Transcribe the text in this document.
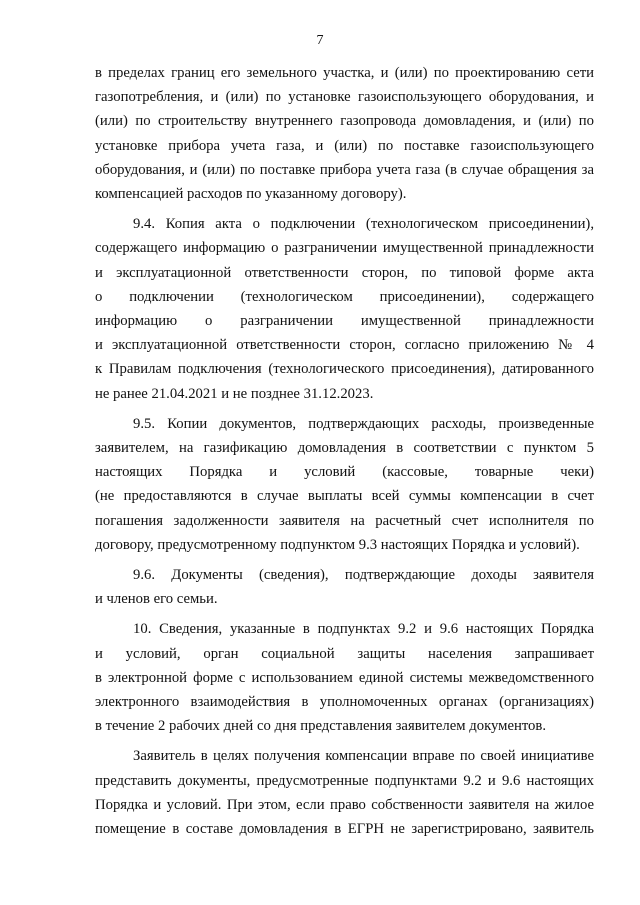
7
в пределах границ его земельного участка, и (или) по проектированию сети
газопотребления, и (или) по установке газоиспользующего оборудования, и
(или) по строительству внутреннего газопровода домовладения, и (или) по
установке прибора учета газа, и (или) по поставке газоиспользующего
оборудования, и (или) по поставке прибора учета газа (в случае обращения за
компенсацией расходов по указанному договору).
9.4. Копия акта о подключении (технологическом присоединении),
содержащего информацию о разграничении имущественной принадлежности
и эксплуатационной ответственности сторон, по типовой форме акта
о подключении (технологическом присоединении), содержащего
информацию о разграничении имущественной принадлежности
и эксплуатационной ответственности сторон, согласно приложению № 4
к Правилам подключения (технологического присоединения), датированного
не ранее 21.04.2021 и не позднее 31.12.2023.
9.5. Копии документов, подтверждающих расходы, произведенные
заявителем, на газификацию домовладения в соответствии с пунктом 5
настоящих Порядка и условий (кассовые, товарные чеки)
(не предоставляются в случае выплаты всей суммы компенсации в счет
погашения задолженности заявителя на расчетный счет исполнителя по
договору, предусмотренному подпунктом 9.3 настоящих Порядка и условий).
9.6. Документы (сведения), подтверждающие доходы заявителя
и членов его семьи.
10. Сведения, указанные в подпунктах 9.2 и 9.6 настоящих Порядка
и условий, орган социальной защиты населения запрашивает
в электронной форме с использованием единой системы межведомственного
электронного взаимодействия в уполномоченных органах (организациях)
в течение 2 рабочих дней со дня представления заявителем документов.
Заявитель в целях получения компенсации вправе по своей инициативе
представить документы, предусмотренные подпунктами 9.2 и 9.6 настоящих
Порядка и условий. При этом, если право собственности заявителя на жилое
помещение в составе домовладения в ЕГРН не зарегистрировано, заявитель
